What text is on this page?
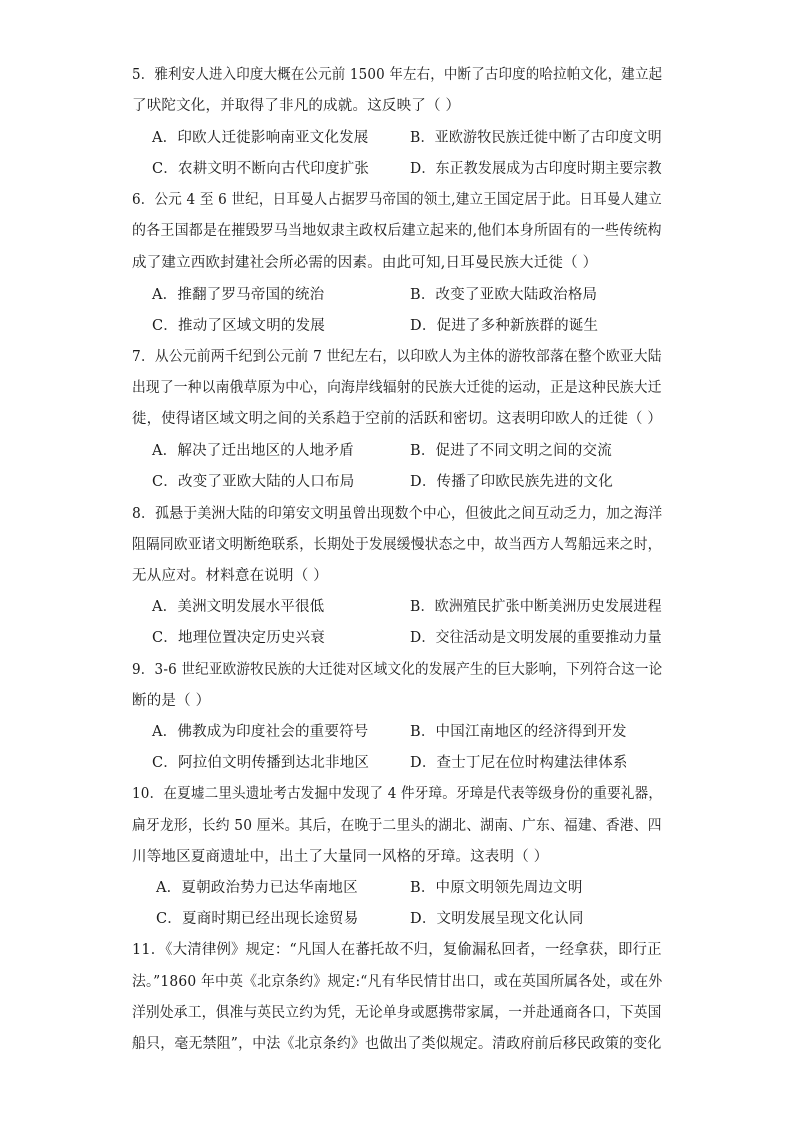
5．雅利安人进入印度大概在公元前 1500 年左右，中断了古印度的哈拉帕文化，建立起
了吠陀文化，并取得了非凡的成就。这反映了（ ）
A．印欧人迁徙影响南亚文化发展	B．亚欧游牧民族迁徙中断了古印度文明
C．农耕文明不断向古代印度扩张	D．东正教发展成为古印度时期主要宗教
6．公元 4 至 6 世纪，日耳曼人占据罗马帝国的领土,建立王国定居于此。日耳曼人建立
的各王国都是在摧毁罗马当地奴隶主政权后建立起来的,他们本身所固有的一些传统构
成了建立西欧封建社会所必需的因素。由此可知,日耳曼民族大迁徙（ ）
A．推翻了罗马帝国的统治	B．改变了亚欧大陆政治格局
C．推动了区域文明的发展	D．促进了多种新族群的诞生
7．从公元前两千纪到公元前 7 世纪左右，以印欧人为主体的游牧部落在整个欧亚大陆
出现了一种以南俄草原为中心，向海岸线辐射的民族大迁徙的运动，正是这种民族大迁
徙，使得诸区域文明之间的关系趋于空前的活跃和密切。这表明印欧人的迁徙（ ）
A．解决了迁出地区的人地矛盾	B．促进了不同文明之间的交流
C．改变了亚欧大陆的人口布局	D．传播了印欧民族先进的文化
8．孤悬于美洲大陆的印第安文明虽曾出现数个中心，但彼此之间互动乏力，加之海洋
阻隔同欧亚诸文明断绝联系，长期处于发展缓慢状态之中，故当西方人驾船远来之时，
无从应对。材料意在说明（ ）
A．美洲文明发展水平很低	B．欧洲殖民扩张中断美洲历史发展进程
C．地理位置决定历史兴衰	D．交往活动是文明发展的重要推动力量
9．3-6 世纪亚欧游牧民族的大迁徙对区域文化的发展产生的巨大影响，下列符合这一论
断的是（ ）
A．佛教成为印度社会的重要符号	B．中国江南地区的经济得到开发
C．阿拉伯文明传播到达北非地区	D．查士丁尼在位时构建法律体系
10．在夏墟二里头遗址考古发掘中发现了 4 件牙璋。牙璋是代表等级身份的重要礼器，
扁牙龙形，长约 50 厘米。其后，在晚于二里头的湖北、湖南、广东、福建、香港、四
川等地区夏商遗址中，出土了大量同一风格的牙璋。这表明（ ）
A．夏朝政治势力已达华南地区	B．中原文明领先周边文明
C．夏商时期已经出现长途贸易	D．文明发展呈现文化认同
11．《大清律例》规定：“凡国人在蕃托故不归，复偷漏私回者，一经拿获，即行正
法。”1860 年中英《北京条约》规定:“凡有华民情甘出口，或在英国所属各处，或在外
洋别处承工，俱准与英民立约为凭，无论单身或愿携带家属，一并赴通商各口，下英国
船只，毫无禁阻”，中法《北京条约》也做出了类似规定。清政府前后移民政策的变化
